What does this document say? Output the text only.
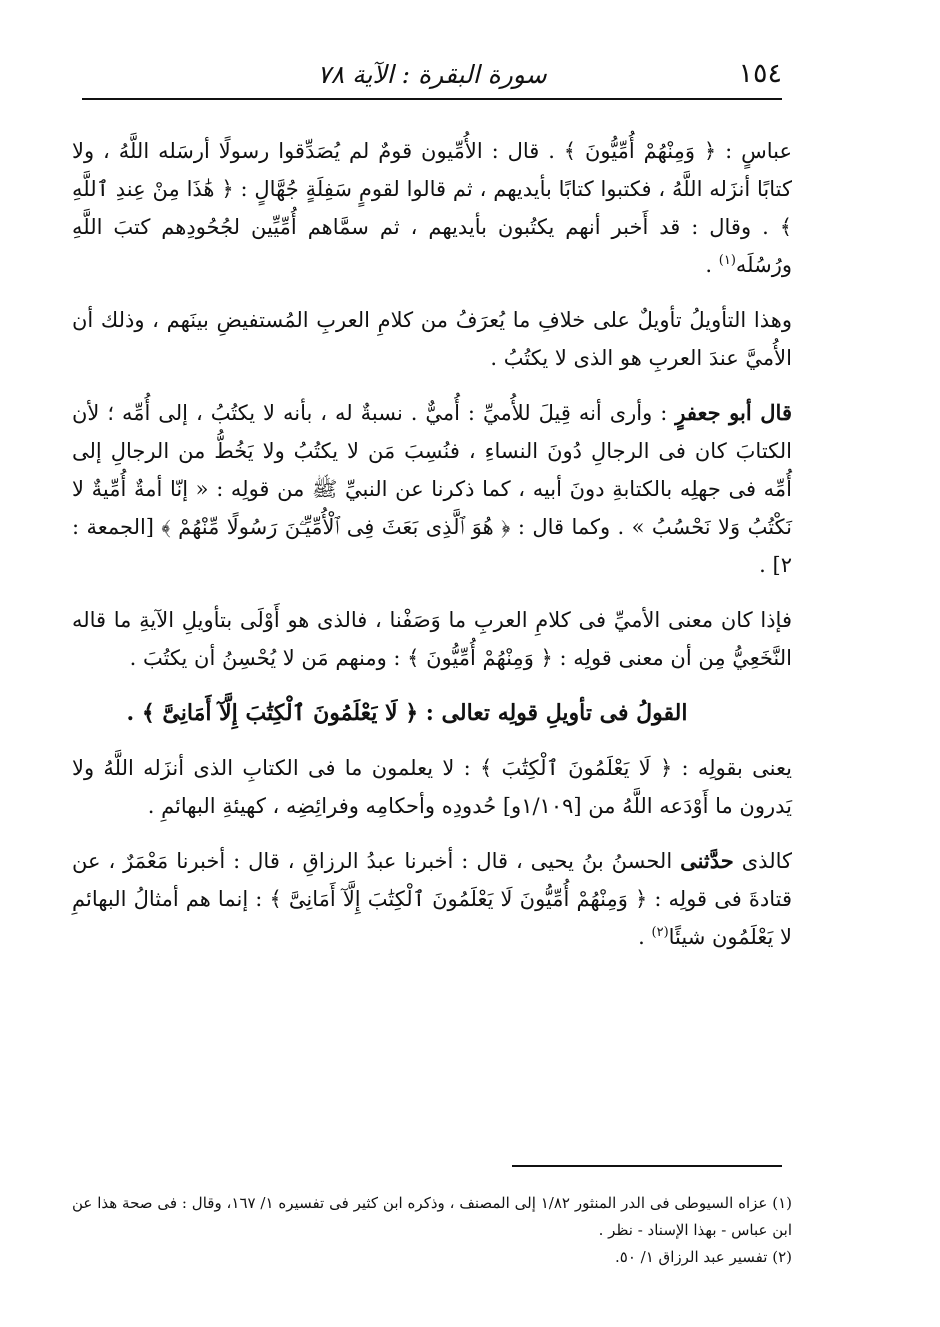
١٥٤
سورة البقرة : الآية ٧٨

عباسٍ : ﴿ وَمِنْهُمْ أُمِّيُّونَ ﴾ . قال : الأُمِّيون قومٌ لم يُصَدِّقوا رسولًا أرسَله اللَّهُ ، ولا كتابًا أنزَله اللَّهُ ، فكتبوا كتابًا بأيديهم ، ثم قالوا لقومٍ سَفِلَةٍ جُهَّالٍ : ﴿ هَٰذَا مِنْ عِندِ ٱللَّهِ ﴾ . وقال : قد أَخبر أنهم يكتُبون بأيديهم ، ثم سمَّاهم أُمِّيِّين لجُحُودِهم كتبَ اللَّهِ ورُسُلَه$^{(١)}$ .

وهذا التأويلُ تأويلٌ على خلافِ ما يُعرَفُ من كلامِ العربِ المُستفيضِ بينَهم ، وذلك أن الأُميَّ عندَ العربِ هو الذى لا يكتُبُ .

قال أبو جعفرٍ : وأرى أنه قِيلَ للأُميِّ : أُميٌّ . نسبةٌ له ، بأنه لا يكتُبُ ، إلى أُمِّه ؛ لأن الكتابَ كان فى الرجالِ دُونَ النساءِ ، فنُسِبَ مَن لا يكتُبُ ولا يَخُطُّ من الرجالِ إلى أُمِّه فى جهلِه بالكتابةِ دونَ أبيه ، كما ذكرنا عن النبيِّ ﷺ من قولِه : « إنّا أمةٌ أُمِّيةٌ لا نَكْتُبُ وَلا نَحْسُبُ » . وكما قال : ﴿ هُوَ ٱلَّذِى بَعَثَ فِى ٱلْأُمِّيِّـۧنَ رَسُولًا مِّنْهُمْ ﴾ [الجمعة : ٢] .

فإذا كان معنى الأميِّ فى كلامِ العربِ ما وَصَفْنا ، فالذى هو أَوْلَى بتأويلِ الآيةِ ما قاله النَّخَعِيُّ مِن أن معنى قولِه : ﴿ وَمِنْهُمْ أُمِّيُّونَ ﴾ : ومنهم مَن لا يُحْسِنُ أن يكتُبَ .

القولُ فى تأويلِ قولِه تعالى : ﴿ لَا يَعْلَمُونَ ٱلْكِتَٰبَ إِلَّآ أَمَانِىَّ ﴾ .

يعنى بقولِه : ﴿ لَا يَعْلَمُونَ ٱلْكِتَٰبَ ﴾ : لا يعلمون ما فى الكتابِ الذى أنزَله اللَّهُ ولا يَدرون ما أَوْدَعه اللَّهُ من [١/١٠٩و] حُدودِه وأحكامِه وفرائِضِه ، كهيئةِ البهائمِ .

كالذى حدَّثنى الحسنُ بنُ يحيى ، قال : أخبرنا عبدُ الرزاقِ ، قال : أخبرنا مَعْمَرٌ ، عن قتادةَ فى قولِه : ﴿ وَمِنْهُمْ أُمِّيُّونَ لَا يَعْلَمُونَ ٱلْكِتَٰبَ إِلَّآ أَمَانِىَّ ﴾ : إنما هم أمثالُ البهائمِ لا يَعْلَمُون شيئًا$^{(٢)}$ .

(١) عزاه السيوطى فى الدر المنثور ١/٨٢ إلى المصنف ، وذكره ابن كثير فى تفسيره ١/ ١٦٧، وقال : فى صحة هذا عن ابن عباس - بهذا الإسناد - نظر .

(٢) تفسير عبد الرزاق ١/ ٥٠.
